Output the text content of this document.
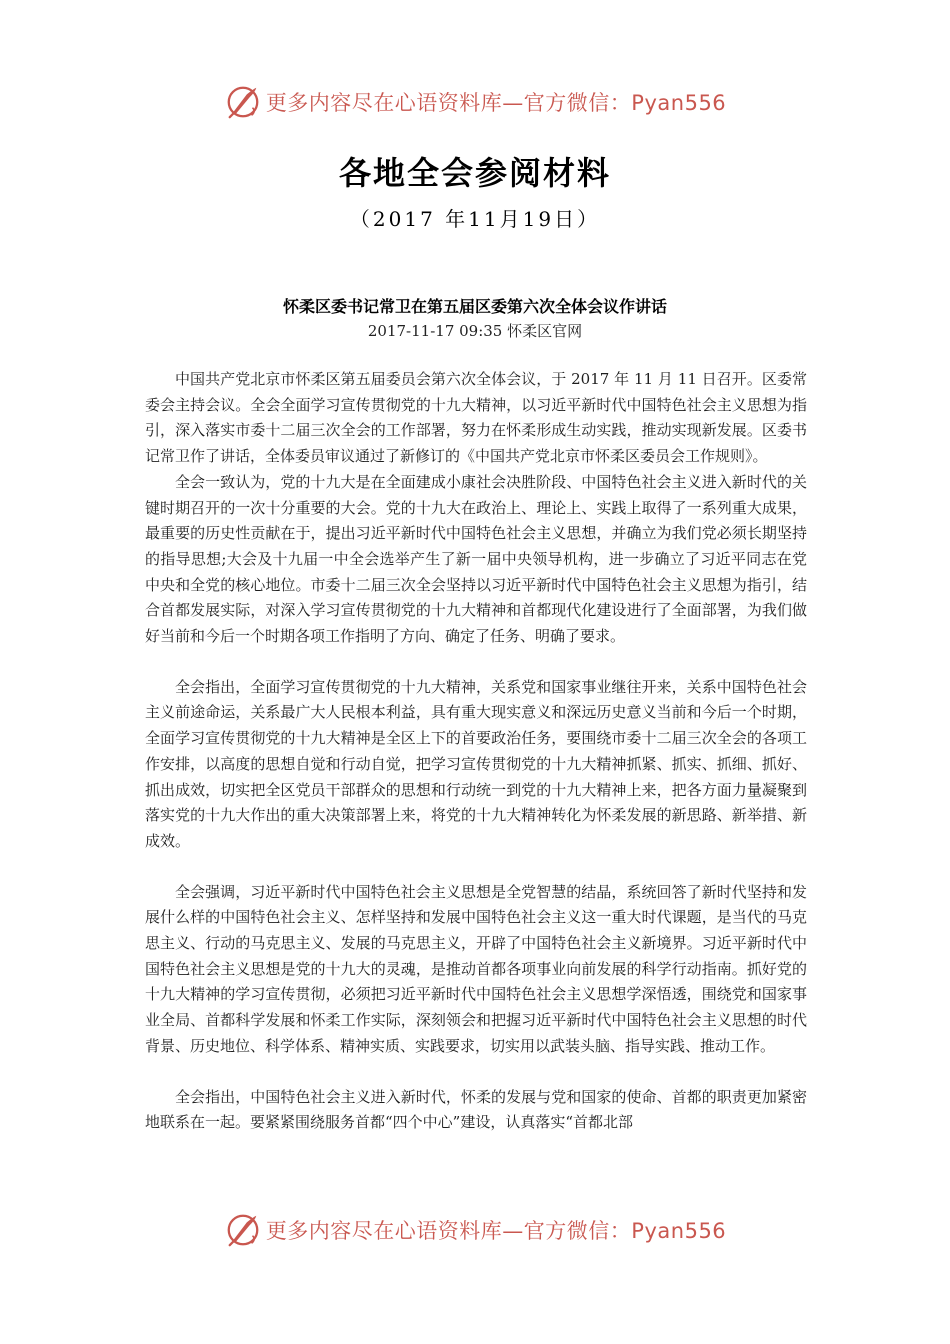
更多内容尽在心语资料库—官方微信：Pyan556
各地全会参阅材料
（2017 年11月19日）
怀柔区委书记常卫在第五届区委第六次全体会议作讲话
2017-11-17 09:35 怀柔区官网

中国共产党北京市怀柔区第五届委员会第六次全体会议，于 2017 年 11 月 11 日召开。区委常委会主持会议。全会全面学习宣传贯彻党的十九大精神，以习近平新时代中国特色社会主义思想为指引，深入落实市委十二届三次全会的工作部署，努力在怀柔形成生动实践，推动实现新发展。区委书记常卫作了讲话，全体委员审议通过了新修订的《中国共产党北京市怀柔区委员会工作规则》。

全会一致认为，党的十九大是在全面建成小康社会决胜阶段、中国特色社会主义进入新时代的关键时期召开的一次十分重要的大会。党的十九大在政治上、理论上、实践上取得了一系列重大成果，最重要的历史性贡献在于，提出习近平新时代中国特色社会主义思想，并确立为我们党必须长期坚持的指导思想;大会及十九届一中全会选举产生了新一届中央领导机构，进一步确立了习近平同志在党中央和全党的核心地位。市委十二届三次全会坚持以习近平新时代中国特色社会主义思想为指引，结合首都发展实际，对深入学习宣传贯彻党的十九大精神和首都现代化建设进行了全面部署，为我们做好当前和今后一个时期各项工作指明了方向、确定了任务、明确了要求。

全会指出，全面学习宣传贯彻党的十九大精神，关系党和国家事业继往开来，关系中国特色社会主义前途命运，关系最广大人民根本利益，具有重大现实意义和深远历史意义当前和今后一个时期，全面学习宣传贯彻党的十九大精神是全区上下的首要政治任务，要围绕市委十二届三次全会的各项工作安排，以高度的思想自觉和行动自觉，把学习宣传贯彻党的十九大精神抓紧、抓实、抓细、抓好、抓出成效，切实把全区党员干部群众的思想和行动统一到党的十九大精神上来，把各方面力量凝聚到落实党的十九大作出的重大决策部署上来，将党的十九大精神转化为怀柔发展的新思路、新举措、新成效。

全会强调，习近平新时代中国特色社会主义思想是全党智慧的结晶，系统回答了新时代坚持和发展什么样的中国特色社会主义、怎样坚持和发展中国特色社会主义这一重大时代课题，是当代的马克思主义、行动的马克思主义、发展的马克思主义，开辟了中国特色社会主义新境界。习近平新时代中国特色社会主义思想是党的十九大的灵魂，是推动首都各项事业向前发展的科学行动指南。抓好党的十九大精神的学习宣传贯彻，必须把习近平新时代中国特色社会主义思想学深悟透，围绕党和国家事业全局、首都科学发展和怀柔工作实际，深刻领会和把握习近平新时代中国特色社会主义思想的时代背景、历史地位、科学体系、精神实质、实践要求，切实用以武装头脑、指导实践、推动工作。

全会指出，中国特色社会主义进入新时代，怀柔的发展与党和国家的使命、首都的职责更加紧密地联系在一起。要紧紧围绕服务首都“四个中心”建设，认真落实“首都北部

更多内容尽在心语资料库—官方微信：Pyan556
